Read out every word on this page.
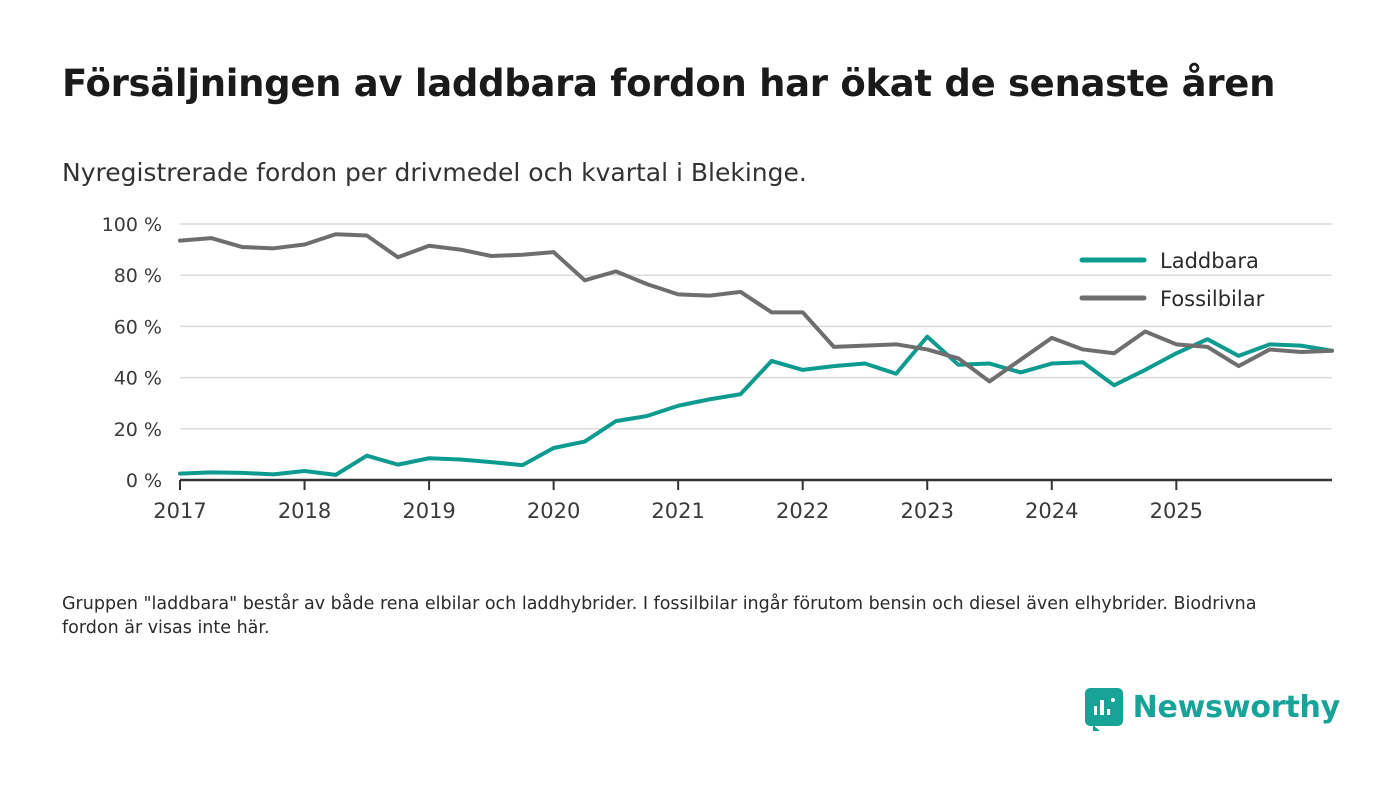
Försäljningen av laddbara fordon har ökat de senaste åren
Nyregistrerade fordon per drivmedel och kvartal i Blekinge.
0 %
20 %
40 %
60 %
80 %
100 %
2017	2018	2019	2020	2021	2022	2023	2024	2025
Laddbara
Fossilbilar
Gruppen "laddbara" består av både rena elbilar och laddhybrider. I fossilbilar ingår förutom bensin och diesel även elhybrider. Biodrivna fordon är visas inte här.
Newsworthy
